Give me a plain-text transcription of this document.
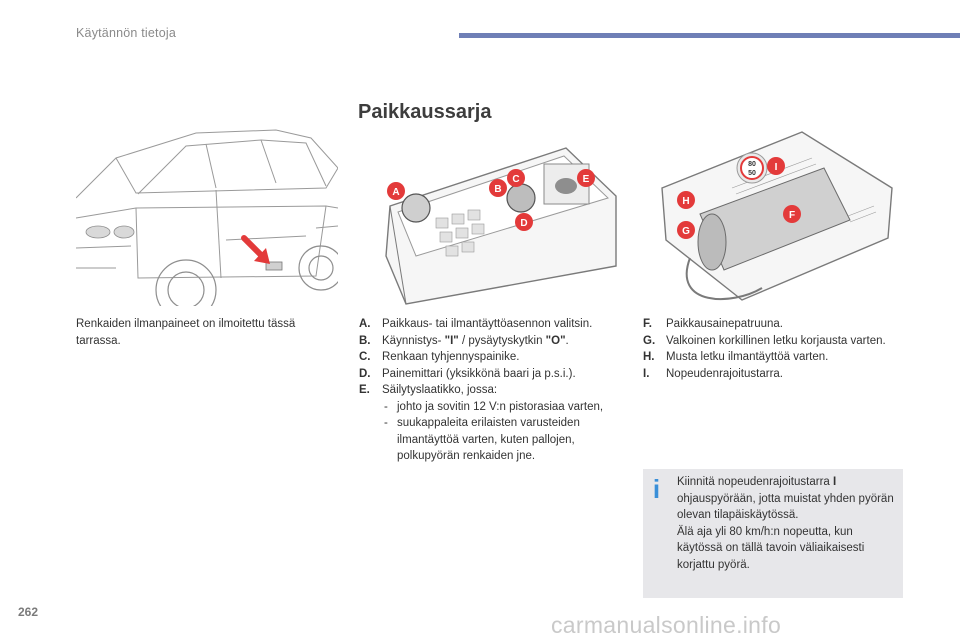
Käytännön tietoja
Paikkaussarja
A	B
C
D
E
80
50
I
H
F
G
Renkaiden ilmanpaineet on ilmoitettu tässä tarrassa.
A. Paikkaus- tai ilmantäyttöasennon valitsin.
B. Käynnistys- "I" / pysäytyskytkin "O".
C. Renkaan tyhjennyspainike.
D. Painemittari (yksikkönä baari ja p.s.i.).
E. Säilytyslaatikko, jossa:
- johto ja sovitin 12 V:n pistorasiaa varten,
- suukappaleita erilaisten varusteiden ilmantäyttöä varten, kuten pallojen, polkupyörän renkaiden jne.
F. Paikkausainepatruuna.
G. Valkoinen korkillinen letku korjausta varten.
H. Musta letku ilmantäyttöä varten.
I. Nopeudenrajoitustarra.
i Kiinnitä nopeudenrajoitustarra I ohjauspyörään, jotta muistat yhden pyörän olevan tilapäiskäytössä.
Älä aja yli 80 km/h:n nopeutta, kun käytössä on tällä tavoin väliaikaisesti korjattu pyörä.
262	carmanualsonline.info
